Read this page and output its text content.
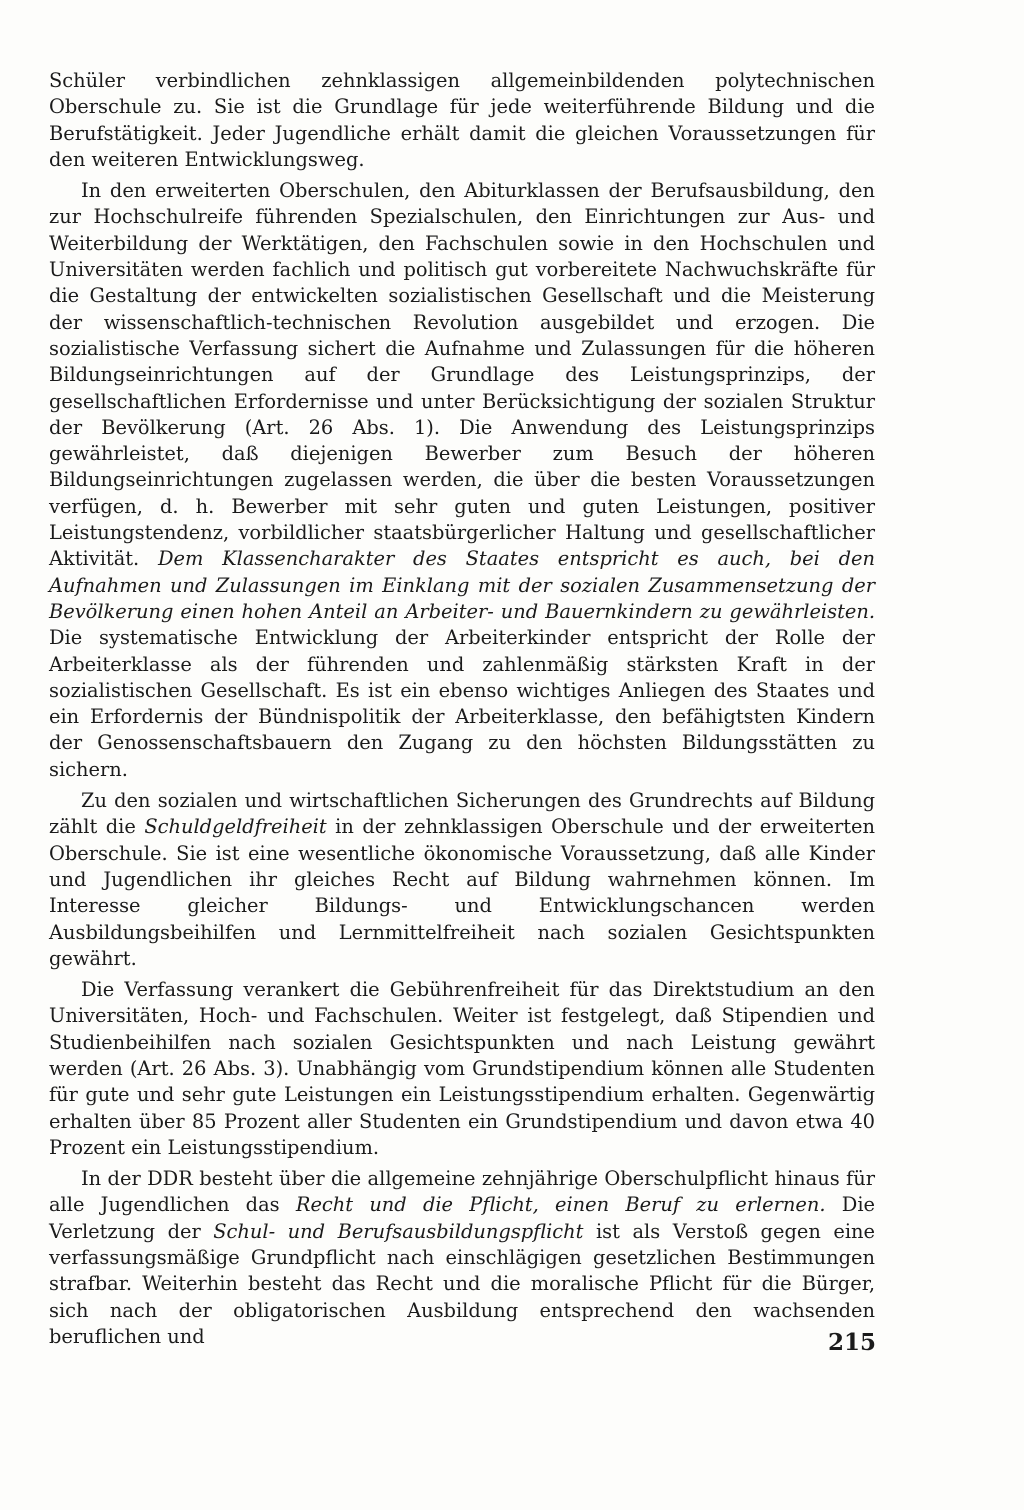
Schüler verbindlichen zehnklassigen allgemeinbildenden polytechnischen Oberschule zu. Sie ist die Grundlage für jede weiterführende Bildung und die Berufstätigkeit. Jeder Jugendliche erhält damit die gleichen Voraussetzungen für den weiteren Entwicklungsweg.

In den erweiterten Oberschulen, den Abiturklassen der Berufsausbildung, den zur Hochschulreife führenden Spezialschulen, den Einrichtungen zur Aus- und Weiterbildung der Werktätigen, den Fachschulen sowie in den Hochschulen und Universitäten werden fachlich und politisch gut vorbereitete Nachwuchskräfte für die Gestaltung der entwickelten sozialistischen Gesellschaft und die Meisterung der wissenschaftlich-technischen Revolution ausgebildet und erzogen. Die sozialistische Verfassung sichert die Aufnahme und Zulassungen für die höheren Bildungseinrichtungen auf der Grundlage des Leistungsprinzips, der gesellschaftlichen Erfordernisse und unter Berücksichtigung der sozialen Struktur der Bevölkerung (Art. 26 Abs. 1). Die Anwendung des Leistungsprinzips gewährleistet, daß diejenigen Bewerber zum Besuch der höheren Bildungseinrichtungen zugelassen werden, die über die besten Voraussetzungen verfügen, d. h. Bewerber mit sehr guten und guten Leistungen, positiver Leistungstendenz, vorbildlicher staatsbürgerlicher Haltung und gesellschaftlicher Aktivität. Dem Klassencharakter des Staates entspricht es auch, bei den Aufnahmen und Zulassungen im Einklang mit der sozialen Zusammensetzung der Bevölkerung einen hohen Anteil an Arbeiter- und Bauernkindern zu gewährleisten. Die systematische Entwicklung der Arbeiterkinder entspricht der Rolle der Arbeiterklasse als der führenden und zahlenmäßig stärksten Kraft in der sozialistischen Gesellschaft. Es ist ein ebenso wichtiges Anliegen des Staates und ein Erfordernis der Bündnispolitik der Arbeiterklasse, den befähigtsten Kindern der Genossenschaftsbauern den Zugang zu den höchsten Bildungsstätten zu sichern.

Zu den sozialen und wirtschaftlichen Sicherungen des Grundrechts auf Bildung zählt die Schuldgeldfreiheit in der zehnklassigen Oberschule und der erweiterten Oberschule. Sie ist eine wesentliche ökonomische Voraussetzung, daß alle Kinder und Jugendlichen ihr gleiches Recht auf Bildung wahrnehmen können. Im Interesse gleicher Bildungs- und Entwicklungschancen werden Ausbildungsbeihilfen und Lernmittelfreiheit nach sozialen Gesichtspunkten gewährt.

Die Verfassung verankert die Gebührenfreiheit für das Direktstudium an den Universitäten, Hoch- und Fachschulen. Weiter ist festgelegt, daß Stipendien und Studienbeihilfen nach sozialen Gesichtspunkten und nach Leistung gewährt werden (Art. 26 Abs. 3). Unabhängig vom Grundstipendium können alle Studenten für gute und sehr gute Leistungen ein Leistungsstipendium erhalten. Gegenwärtig erhalten über 85 Prozent aller Studenten ein Grundstipendium und davon etwa 40 Prozent ein Leistungsstipendium.

In der DDR besteht über die allgemeine zehnjährige Oberschulpflicht hinaus für alle Jugendlichen das Recht und die Pflicht, einen Beruf zu erlernen. Die Verletzung der Schul- und Berufsausbildungspflicht ist als Verstoß gegen eine verfassungsmäßige Grundpflicht nach einschlägigen gesetzlichen Bestimmungen strafbar. Weiterhin besteht das Recht und die moralische Pflicht für die Bürger, sich nach der obligatorischen Ausbildung entsprechend den wachsenden beruflichen und	215
